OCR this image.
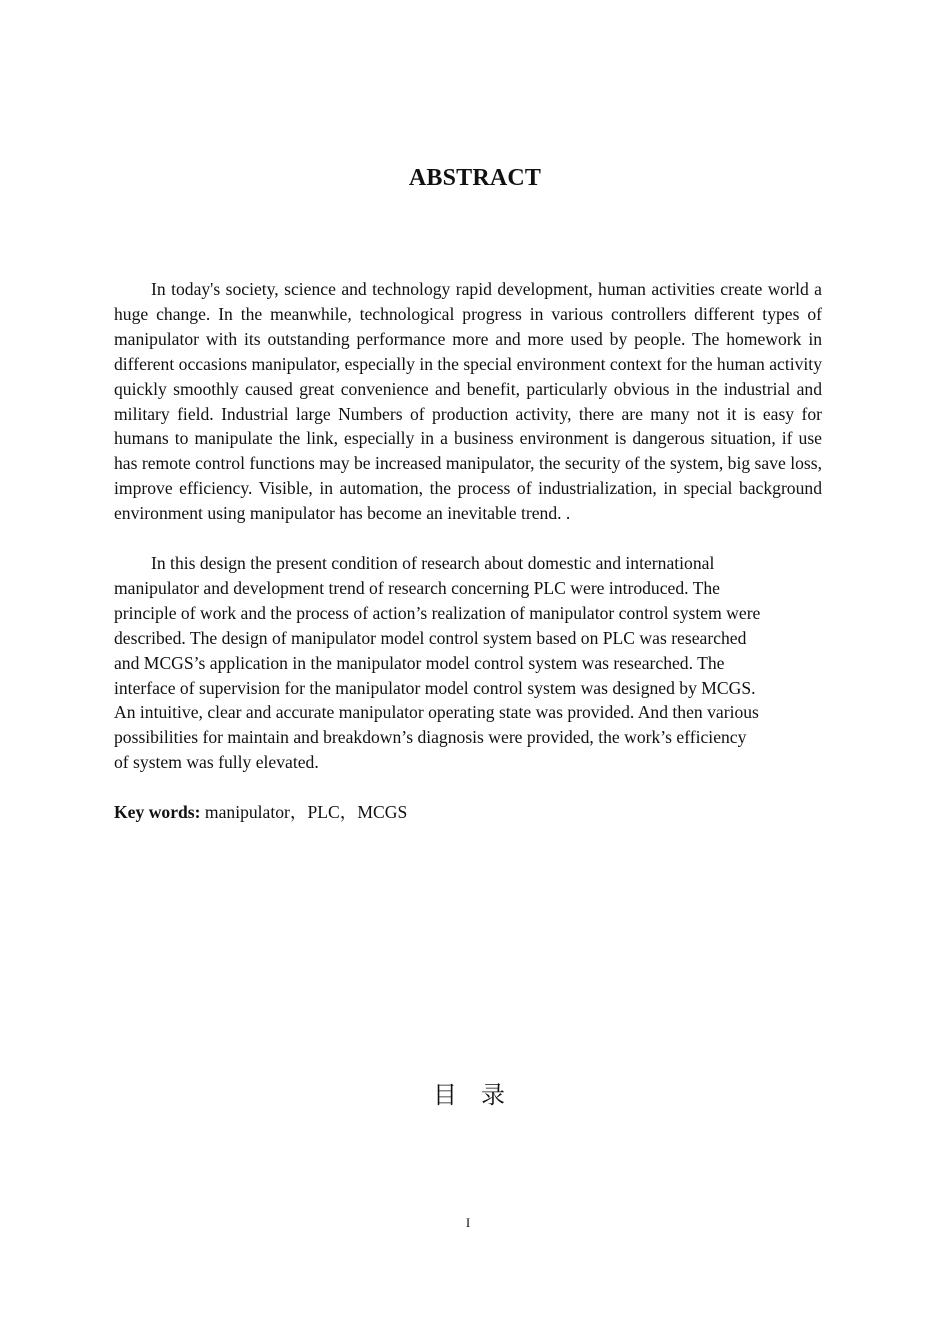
ABSTRACT

In today's society, science and technology rapid development, human activities create world a huge change. In the meanwhile, technological progress in various controllers different types of manipulator with its outstanding performance more and more used by people. The homework in different occasions manipulator, especially in the special environment context for the human activity quickly smoothly caused great convenience and benefit, particularly obvious in the industrial and military field. Industrial large Numbers of production activity, there are many not it is easy for humans to manipulate the link, especially in a business environment is dangerous situation, if use has remote control functions may be increased manipulator, the security of the system, big save loss, improve efficiency. Visible, in automation, the process of industrialization, in special background environment using manipulator has become an inevitable trend. .

In this design the present condition of research about domestic and international
manipulator and development trend of research concerning PLC were introduced. The
principle of work and the process of action’s realization of manipulator control system were
described. The design of manipulator model control system based on PLC was researched
and MCGS’s application in the manipulator model control system was researched. The
interface of supervision for the manipulator model control system was designed by MCGS.
An intuitive, clear and accurate manipulator operating state was provided. And then various
possibilities for maintain and breakdown’s diagnosis were provided, the work’s efficiency
of system was fully elevated.

Key words: manipulator，PLC，MCGS
目录
I
